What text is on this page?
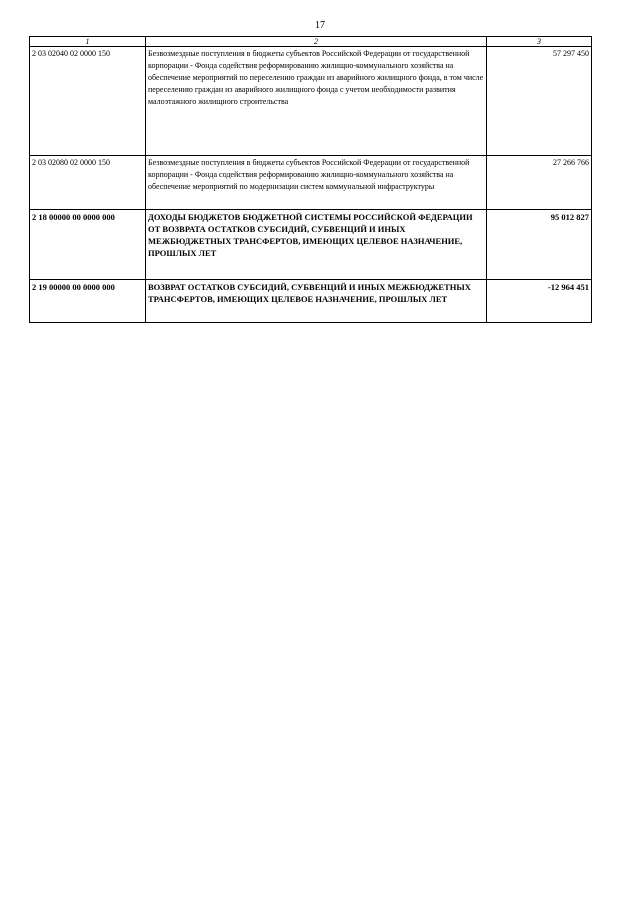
17
1	2	3
2 03 02040 02 0000 150	Безвозмездные поступления в бюджеты субъектов Российской Федерации от государственной корпорации - Фонда содействия реформированию жилищно-коммунального хозяйства на обеспечение мероприятий по переселению граждан из аварийного жилищного фонда, в том числе переселению граждан из аварийного жилищного фонда с учетом необходимости развития малоэтажного жилищного строительства	57 297 450
2 03 02080 02 0000 150	Безвозмездные поступления в бюджеты субъектов Российской Федерации от государственной корпорации - Фонда содействия реформированию жилищно-коммунального хозяйства на обеспечение мероприятий по модернизации систем коммунальной инфраструктуры	27 266 766
2 18 00000 00 0000 000	ДОХОДЫ БЮДЖЕТОВ БЮДЖЕТНОЙ СИСТЕМЫ РОССИЙСКОЙ ФЕДЕРАЦИИ ОТ ВОЗВРАТА ОСТАТКОВ СУБСИДИЙ, СУБВЕНЦИЙ И ИНЫХ МЕЖБЮДЖЕТНЫХ ТРАНСФЕРТОВ, ИМЕЮЩИХ ЦЕЛЕВОЕ НАЗНАЧЕНИЕ, ПРОШЛЫХ ЛЕТ	95 012 827
2 19 00000 00 0000 000	ВОЗВРАТ ОСТАТКОВ СУБСИДИЙ, СУБВЕНЦИЙ И ИНЫХ МЕЖБЮДЖЕТНЫХ ТРАНСФЕРТОВ, ИМЕЮЩИХ ЦЕЛЕВОЕ НАЗНАЧЕНИЕ, ПРОШЛЫХ ЛЕТ	-12 964 451
